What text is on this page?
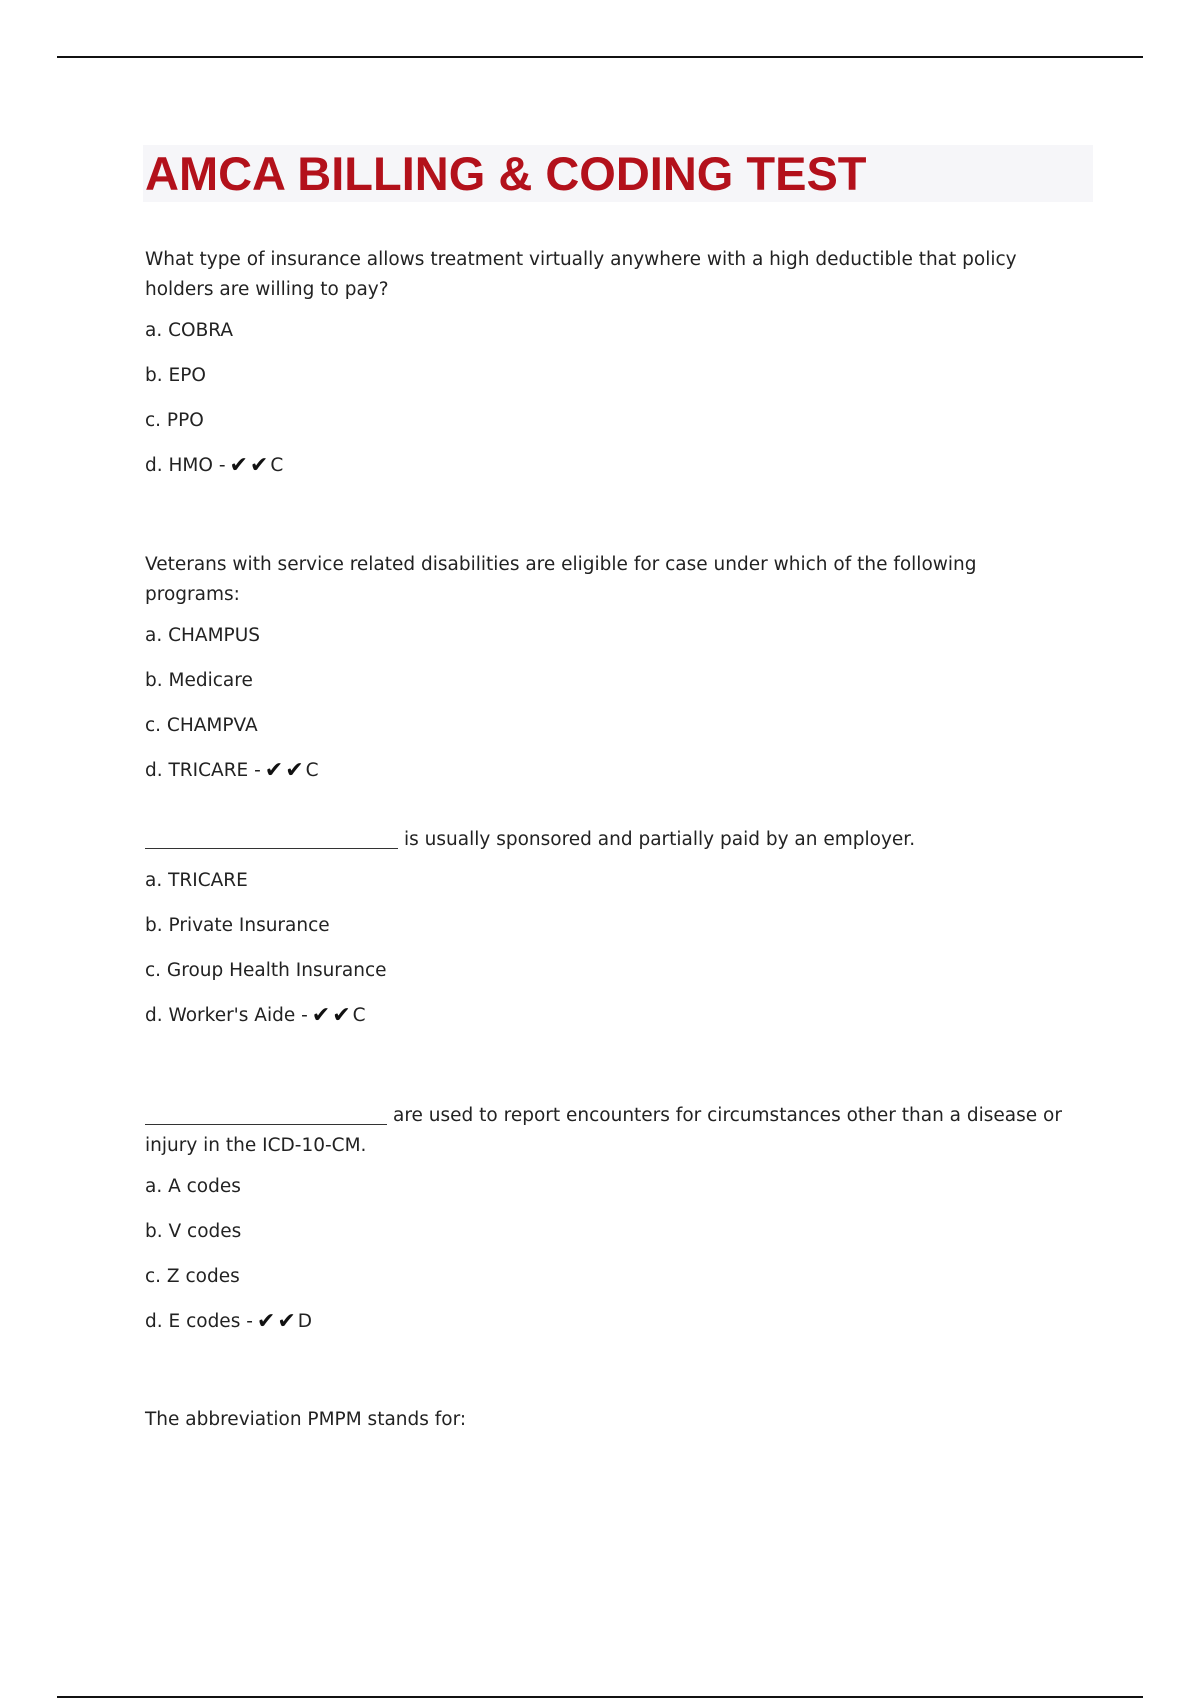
AMCA BILLING & CODING TEST

What type of insurance allows treatment virtually anywhere with a high deductible that policy holders are willing to pay?

a. COBRA

b. EPO

c. PPO

d. HMO - ✔✔C

Veterans with service related disabilities are eligible for case under which of the following programs:

a. CHAMPUS

b. Medicare

c. CHAMPVA

d. TRICARE - ✔✔C

is usually sponsored and partially paid by an employer.

a. TRICARE

b. Private Insurance

c. Group Health Insurance

d. Worker's Aide - ✔✔C

are used to report encounters for circumstances other than a disease or injury in the ICD-10-CM.

a. A codes

b. V codes

c. Z codes

d. E codes - ✔✔D

The abbreviation PMPM stands for:
